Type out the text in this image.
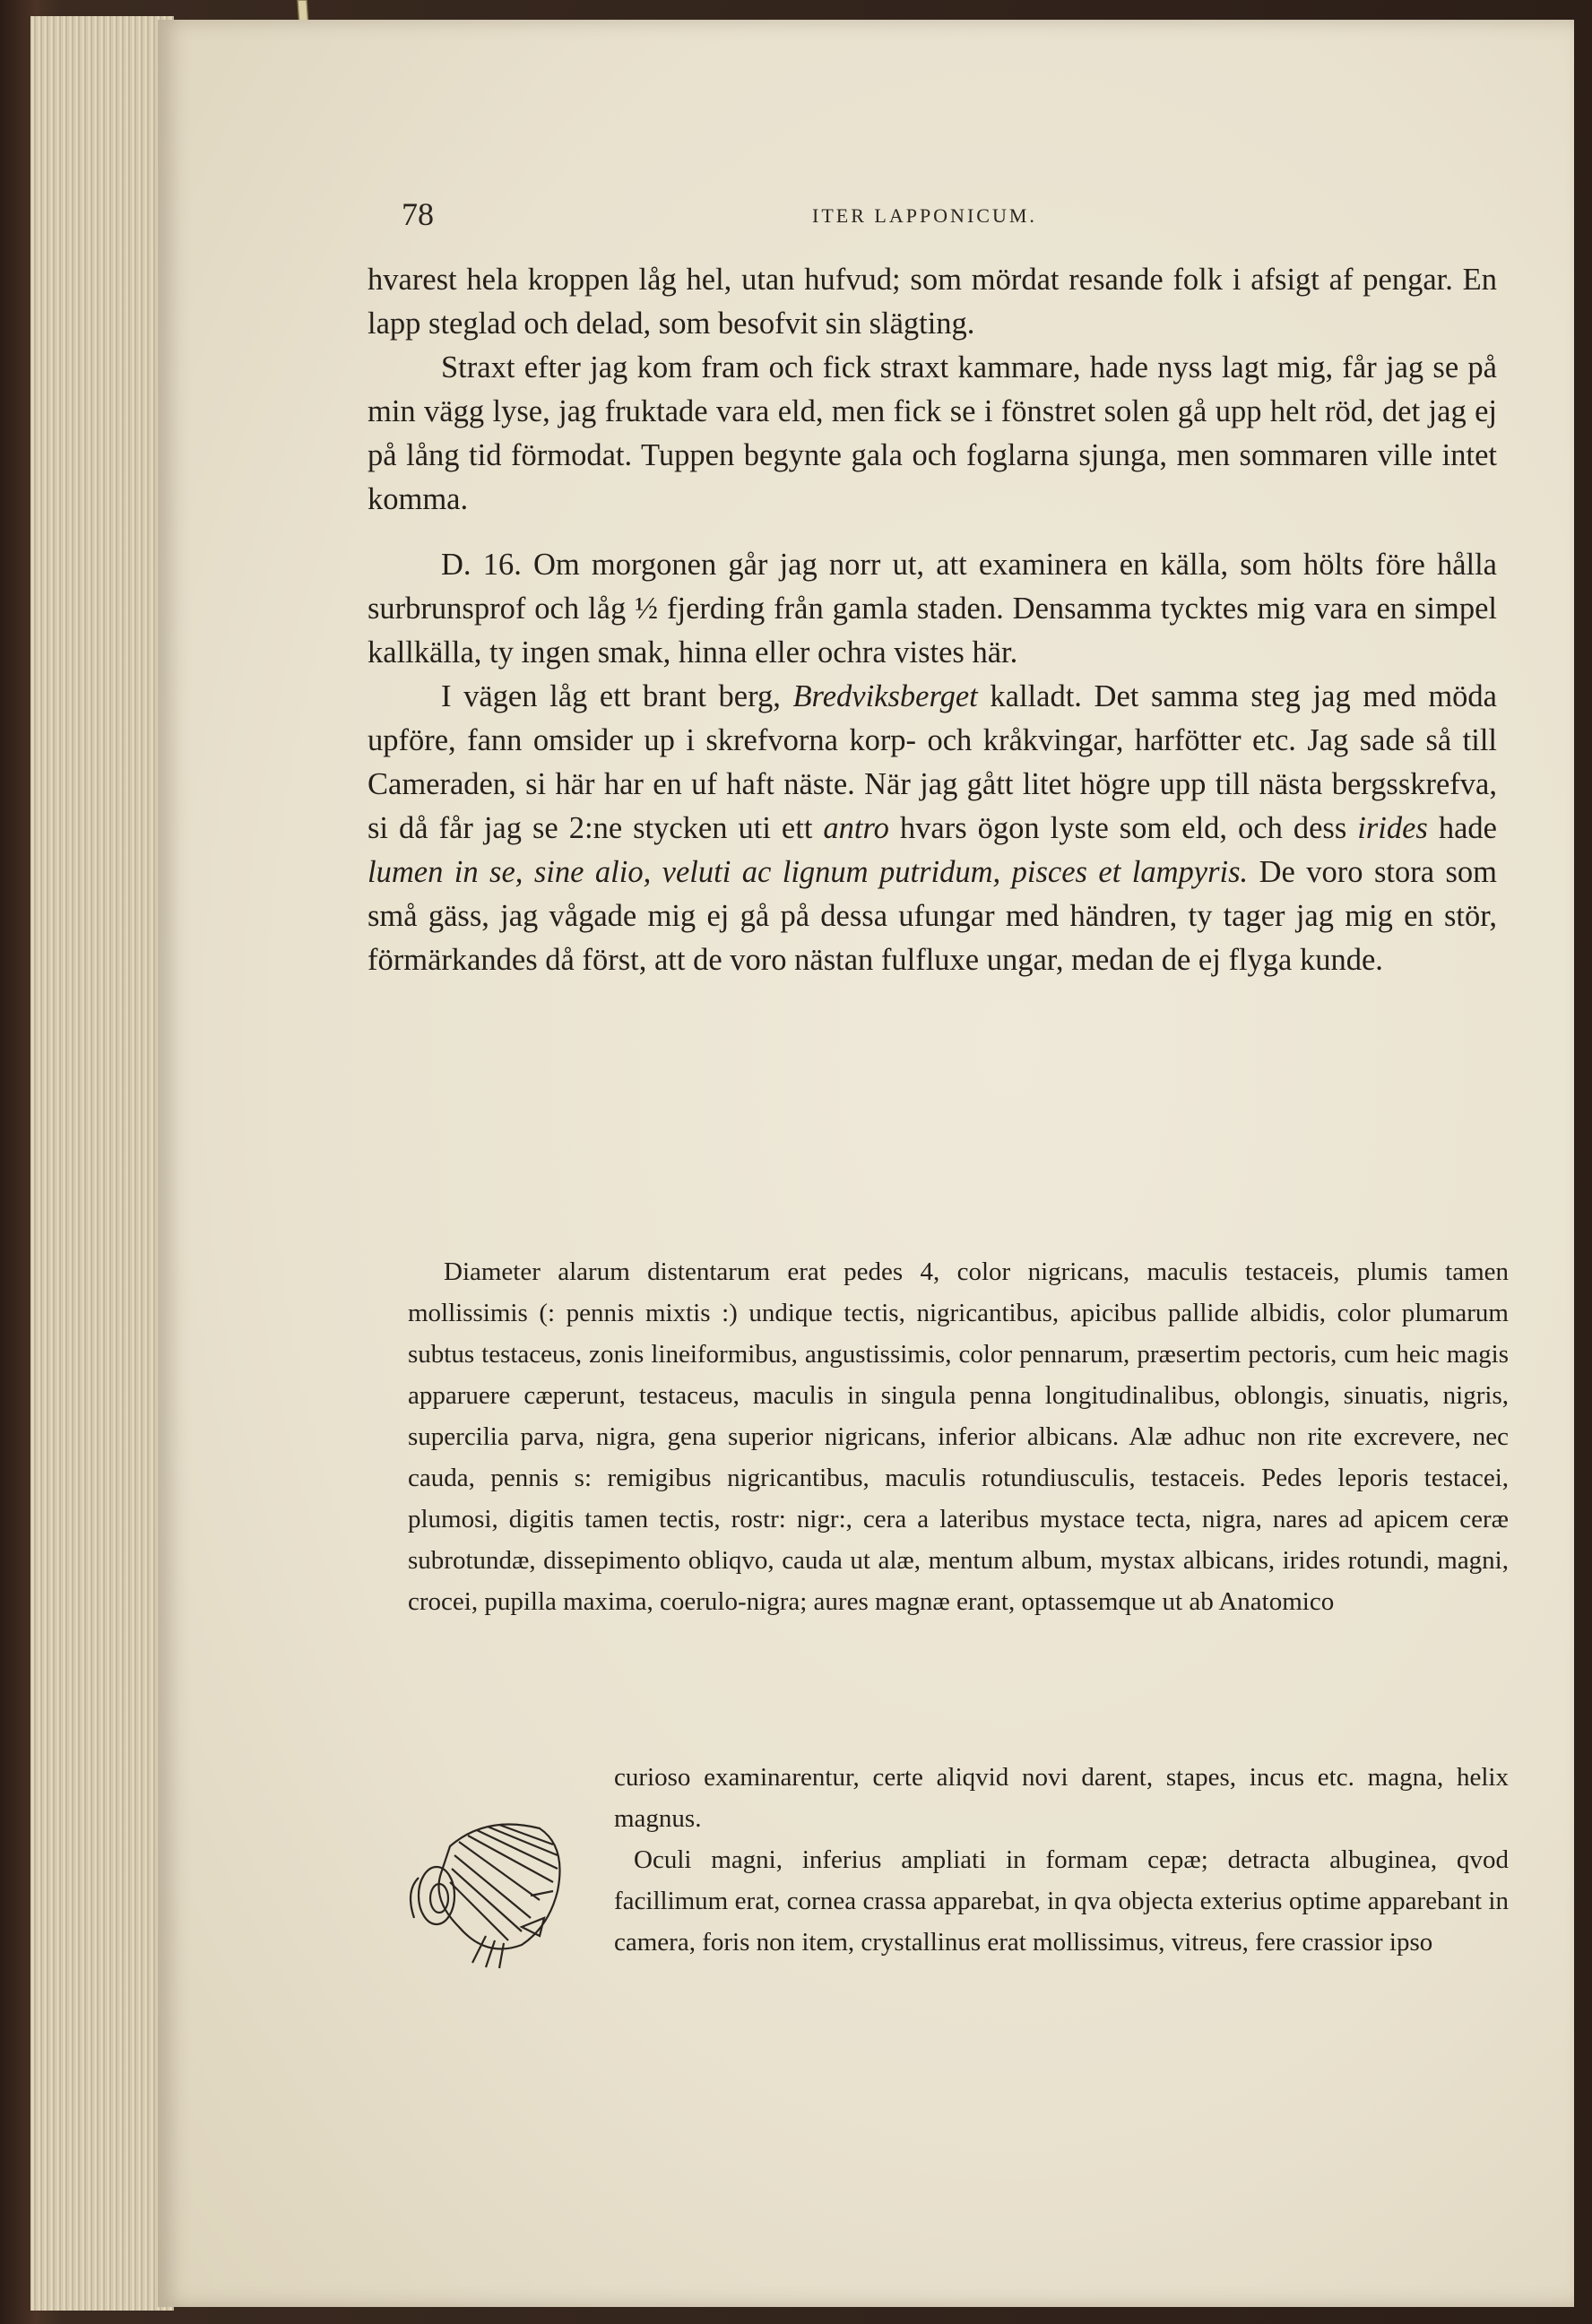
78	ITER LAPPONICUM.

hvarest hela kroppen låg hel, utan hufvud; som mördat resande folk i afsigt af pengar. En lapp steglad och delad, som besofvit sin slägting.

Straxt efter jag kom fram och fick straxt kammare, hade nyss lagt mig, får jag se på min vägg lyse, jag fruktade vara eld, men fick se i fönstret solen gå upp helt röd, det jag ej på lång tid förmodat. Tuppen begynte gala och foglarna sjunga, men sommaren ville intet komma.

D. 16. Om morgonen går jag norr ut, att examinera en källa, som hölts före hålla surbrunsprof och låg ½ fjerding från gamla staden. Densamma tycktes mig vara en simpel kallkälla, ty ingen smak, hinna eller ochra vistes här.

I vägen låg ett brant berg, Bredviksberget kalladt. Det samma steg jag med möda upföre, fann omsider up i skrefvorna korp- och kråkvingar, harfötter etc. Jag sade så till Cameraden, si här har en uf haft näste. När jag gått litet högre upp till nästa bergsskrefva, si då får jag se 2:ne stycken uti ett antro hvars ögon lyste som eld, och dess irides hade lumen in se, sine alio, veluti ac lignum putridum, pisces et lampyris. De voro stora som små gäss, jag vågade mig ej gå på dessa ufungar med händren, ty tager jag mig en stör, förmärkandes då först, att de voro nästan fulfluxe ungar, medan de ej flyga kunde.

Diameter alarum distentarum erat pedes 4, color nigricans, maculis testaceis, plumis tamen mollissimis (: pennis mixtis :) undique tectis, nigricantibus, apicibus pallide albidis, color plumarum subtus testaceus, zonis lineiformibus, angustissimis, color pennarum, præsertim pectoris, cum heic magis apparuere cæperunt, testaceus, maculis in singula penna longitudinalibus, oblongis, sinuatis, nigris, supercilia parva, nigra, gena superior nigricans, inferior albicans. Alæ adhuc non rite excrevere, nec cauda, pennis s: remigibus nigricantibus, maculis rotundiusculis, testaceis. Pedes leporis testacei, plumosi, digitis tamen tectis, rostr: nigr:, cera a lateribus mystace tecta, nigra, nares ad apicem ceræ subrotundæ, dissepimento obliqvo, cauda ut alæ, mentum album, mystax albicans, irides rotundi, magni, crocei, pupilla maxima, coerulo-nigra; aures magnæ erant, optassemque ut ab Anatomico

curioso examinarentur, certe aliqvid novi darent, stapes, incus etc. magna, helix magnus.

Oculi magni, inferius ampliati in formam cepæ; detracta albuginea, qvod facillimum erat, cornea crassa apparebat, in qva objecta exterius optime apparebant in camera, foris non item, crystallinus erat mollissimus, vitreus, fere crassior ipso
